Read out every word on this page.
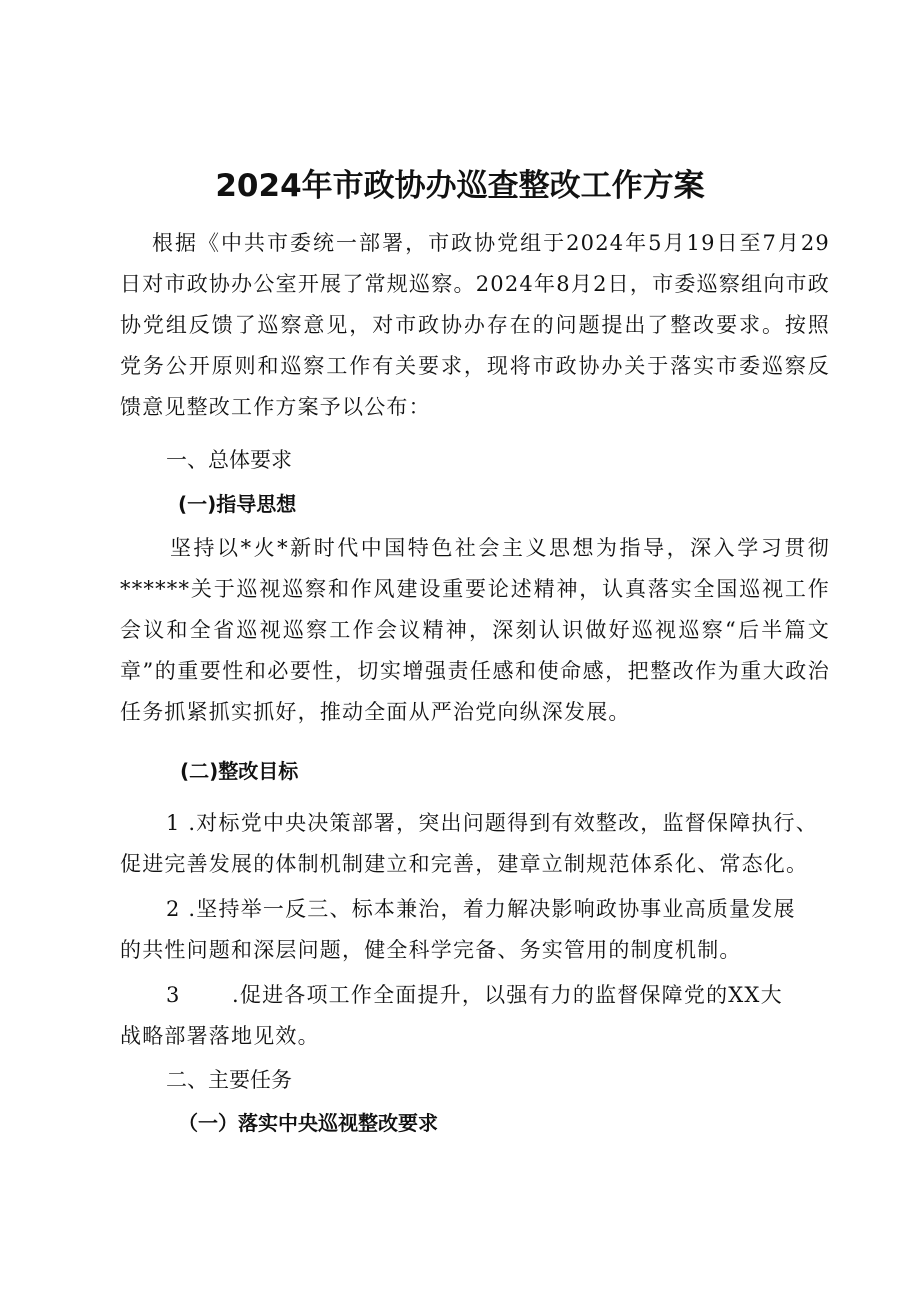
2024年市政协办巡查整改工作方案
根据《中共市委统一部署，市政协党组于2024年5月19日至7月29日对市政协办公室开展了常规巡察。2024年8月2日，市委巡察组向市政协党组反馈了巡察意见，对市政协办存在的问题提出了整改要求。按照党务公开原则和巡察工作有关要求，现将市政协办关于落实市委巡察反馈意见整改工作方案予以公布：
一、总体要求
(一)指导思想
坚持以*火*新时代中国特色社会主义思想为指导，深入学习贯彻******关于巡视巡察和作风建设重要论述精神，认真落实全国巡视工作会议和全省巡视巡察工作会议精神，深刻认识做好巡视巡察“后半篇文章”的重要性和必要性，切实增强责任感和使命感，把整改作为重大政治任务抓紧抓实抓好，推动全面从严治党向纵深发展。
(二)整改目标
1 .对标党中央决策部署，突出问题得到有效整改，监督保障执行、
促进完善发展的体制机制建立和完善，建章立制规范体系化、常态化。
2 .坚持举一反三、标本兼治，着力解决影响政协事业高质量发展
的共性问题和深层问题，健全科学完备、务实管用的制度机制。
3 .促进各项工作全面提升，以强有力的监督保障党的XX大
战略部署落地见效。
二、主要任务
（一）落实中央巡视整改要求
